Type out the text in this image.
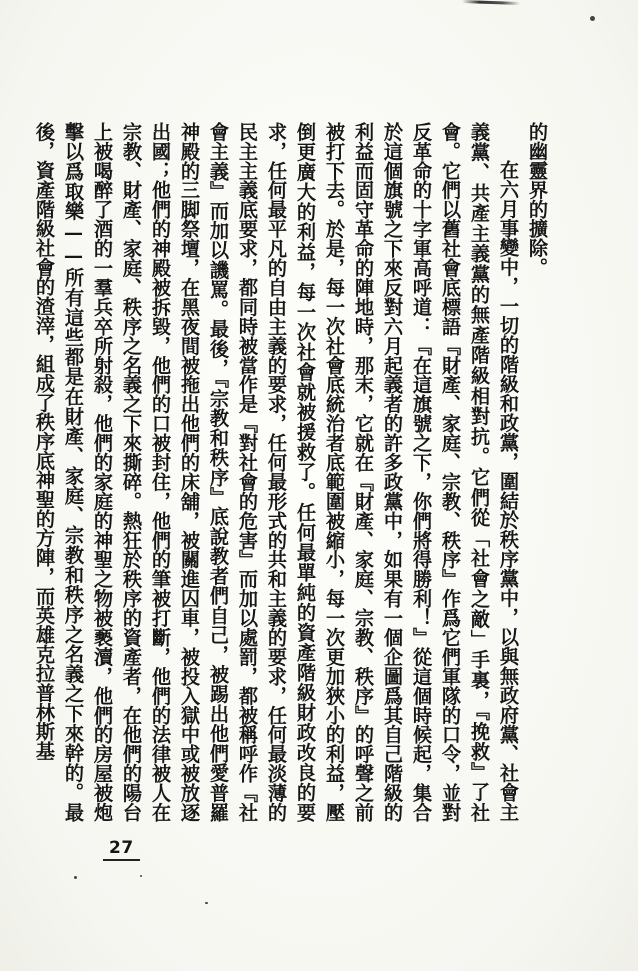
的幽靈界的擴除。

在六月事變中，一切的階級和政黨，圍結於秩序黨中，以與無政府黨、社會主義黨、共產主義黨的無產階級相對抗。它們從「社會之敵」手裏，『挽救』了社會。它們以舊社會底標語『財產、家庭、宗教、秩序』作爲它們軍隊的口令，並對反革命的十字軍高呼道：『在這旗號之下，你們將得勝利！』從這個時候起，集合於這個旗號之下來反對六月起義者的許多政黨中，如果有一個企圖爲其自己階級的利益而固守革命的陣地時，那末，它就在『財產、家庭、宗教、秩序』的呼聲之前被打下去。於是，每一次社會底統治者底範圍被縮小，每一次更加狹小的利益，壓倒更廣大的利益，每一次社會就被援救了。任何最單純的資產階級財政改良的要求，任何最平凡的自由主義的要求，任何最形式的共和主義的要求，任何最淡薄的民主主義底要求，都同時被當作是『對社會的危害』而加以處罰，都被稱呼作『社會主義』而加以譏罵。最後，『宗教和秩序』底說教者們自己，被踢出他們愛普羅神殿的三脚祭壇，在黑夜間被拖出他們的床舖，被關進囚車，被投入獄中或被放逐出國；他們的神殿被拆毀，他們的口被封住，他們的筆被打斷，他們的法律被人在宗教、財產、家庭、秩序之名義之下來撕碎。熱狂於秩序的資產者，在他們的陽台上被喝醉了酒的一羣兵卒所射殺，他們的家庭的神聖之物被褻瀆，他們的房屋被炮擊以爲取樂——所有這些都是在財產、家庭、宗教和秩序之名義之下來幹的。最後，資產階級社會的渣滓，組成了秩序底神聖的方陣，而英雄克拉普林斯基

27
